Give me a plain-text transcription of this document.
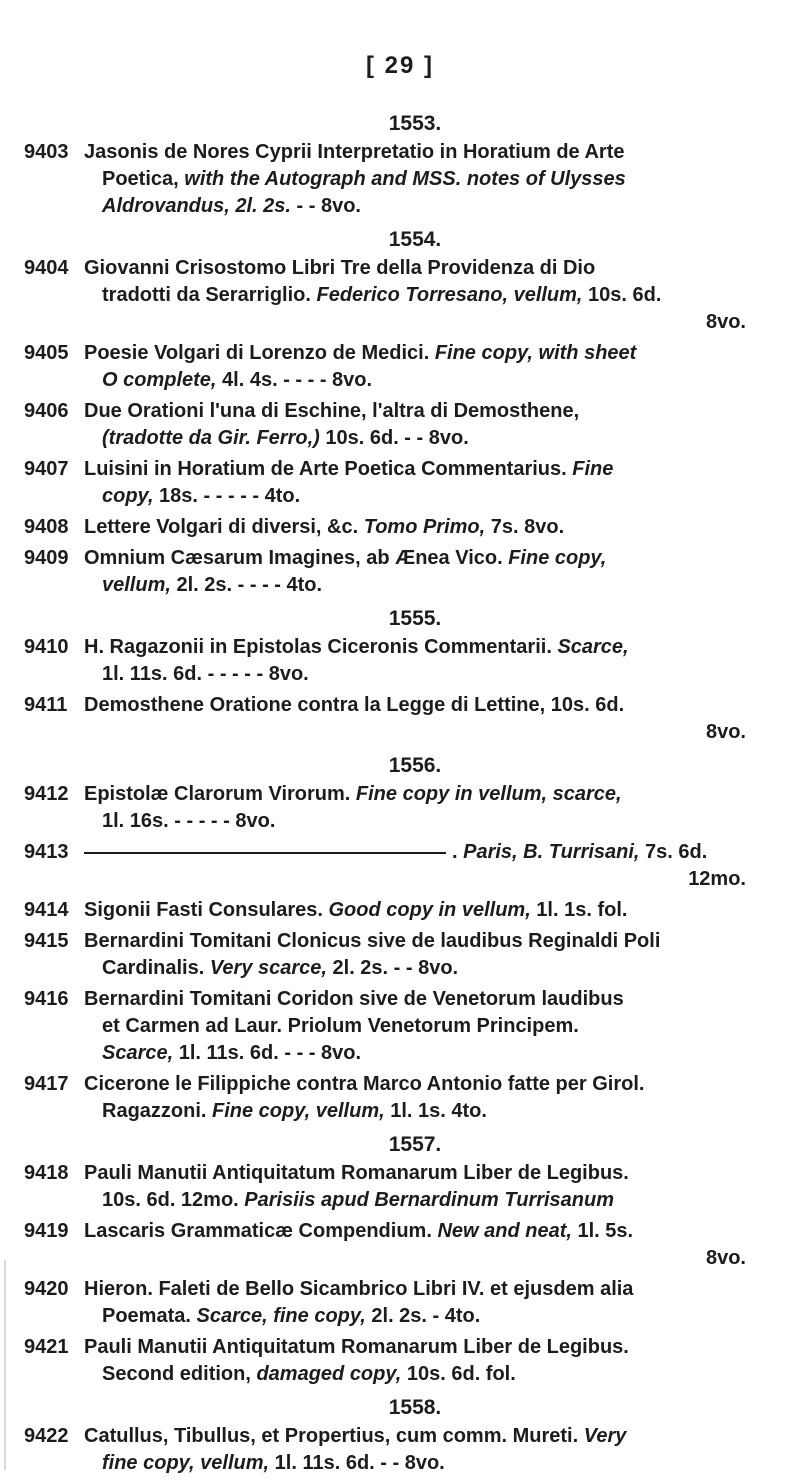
[ 29 ]
1553.
9403 Jasonis de Nores Cyprii Interpretatio in Horatium de Arte
Poetica, with the Autograph and MSS. notes of Ulysses
Aldrovandus, 2l. 2s. - - 8vo.
1554.
9404 Giovanni Crisostomo Libri Tre della Providenza di Dio
tradotti da Serarriglio. Federico Torresano, vellum, 10s. 6d.
8vo.
9405 Poesie Volgari di Lorenzo de Medici. Fine copy, with sheet
O complete, 4l. 4s. - - - - 8vo.
9406 Due Orationi l'una di Eschine, l'altra di Demosthene,
(tradotte da Gir. Ferro,) 10s. 6d. - - 8vo.
9407 Luisini in Horatium de Arte Poetica Commentarius. Fine
copy, 18s. - - - - - 4to.
9408 Lettere Volgari di diversi, &c. Tomo Primo, 7s. 8vo.
9409 Omnium Cæsarum Imagines, ab Ænea Vico. Fine copy,
vellum, 2l. 2s. - - - - 4to.
1555.
9410 H. Ragazonii in Epistolas Ciceronis Commentarii. Scarce,
1l. 11s. 6d. - - - - - 8vo.
9411 Demosthene Oratione contra la Legge di Lettine, 10s. 6d.
8vo.
1556.
9412 Epistolæ Clarorum Virorum. Fine copy in vellum, scarce,
1l. 16s. - - - - - 8vo.
9413	. Paris, B. Turrisani, 7s. 6d.
12mo.
9414 Sigonii Fasti Consulares. Good copy in vellum, 1l. 1s. fol.
9415 Bernardini Tomitani Clonicus sive de laudibus Reginaldi Poli
Cardinalis. Very scarce, 2l. 2s. - - 8vo.
9416 Bernardini Tomitani Coridon sive de Venetorum laudibus
et Carmen ad Laur. Priolum Venetorum Principem.
Scarce, 1l. 11s. 6d. - - - 8vo.
9417 Cicerone le Filippiche contra Marco Antonio fatte per Girol.
Ragazzoni. Fine copy, vellum, 1l. 1s. 4to.
1557.
9418 Pauli Manutii Antiquitatum Romanarum Liber de Legibus.
10s. 6d. 12mo. Parisiis apud Bernardinum Turrisanum
9419 Lascaris Grammaticæ Compendium. New and neat, 1l. 5s.
8vo.
9420 Hieron. Faleti de Bello Sicambrico Libri IV. et ejusdem alia
Poemata. Scarce, fine copy, 2l. 2s. - 4to.
9421 Pauli Manutii Antiquitatum Romanarum Liber de Legibus.
Second edition, damaged copy, 10s. 6d. fol.
1558.
9422 Catullus, Tibullus, et Propertius, cum comm. Mureti. Very
fine copy, vellum, 1l. 11s. 6d. - - 8vo.
